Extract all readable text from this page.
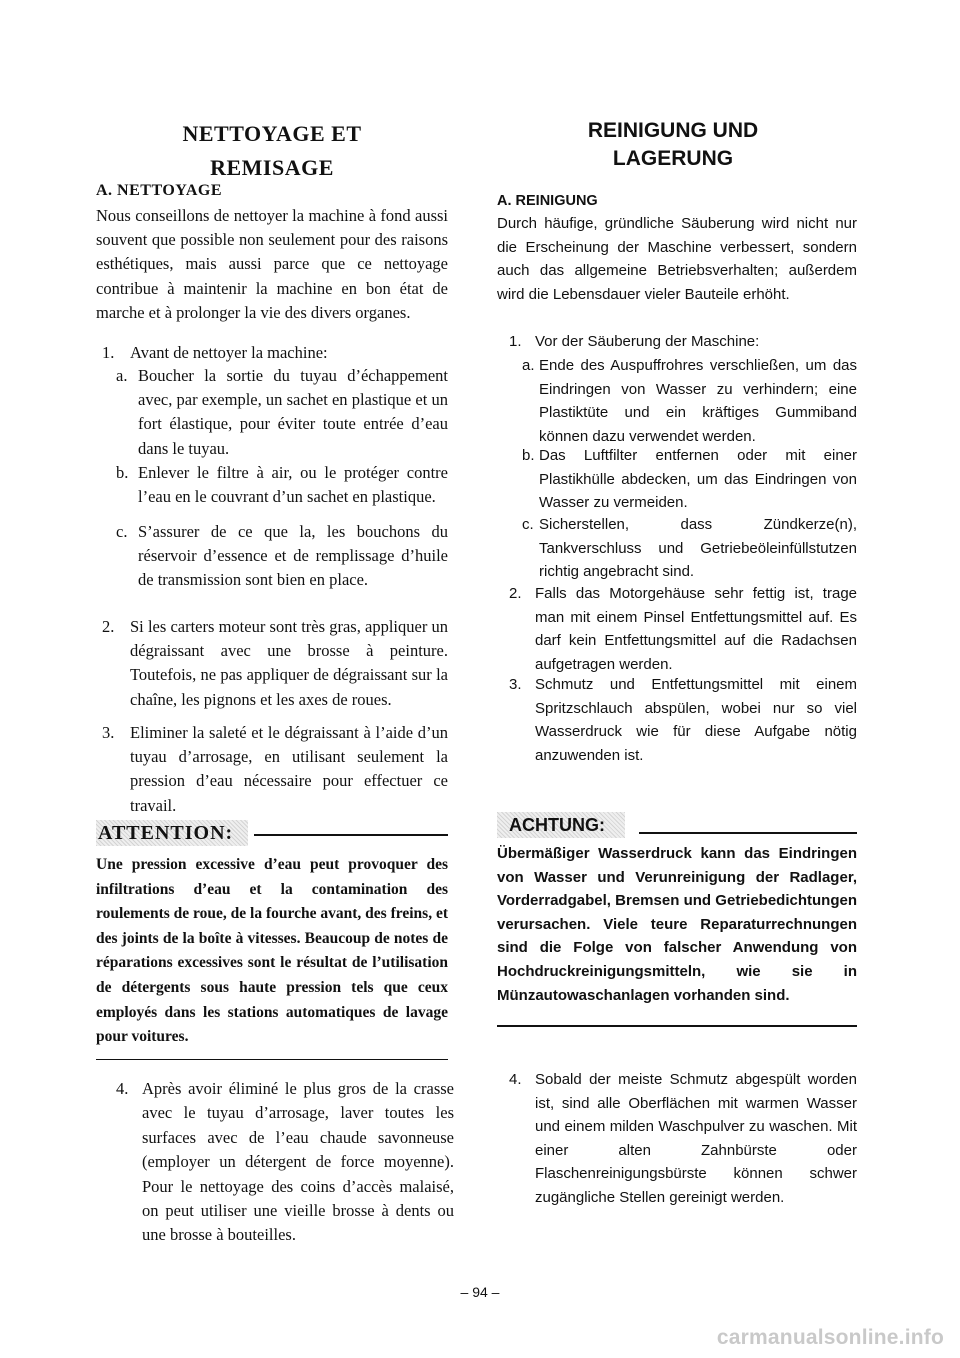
NETTOYAGE ET
REMISAGE
A. NETTOYAGE
Nous conseillons de nettoyer la machine à fond aussi souvent que possible non seulement pour des raisons esthétiques, mais aussi parce que ce nettoyage contribue à maintenir la machine en bon état de marche et à prolonger la vie des divers organes.
1. Avant de nettoyer la machine:
a. Boucher la sortie du tuyau d’échappement avec, par exemple, un sachet en plastique et un fort élastique, pour éviter toute entrée d’eau dans le tuyau.
b. Enlever le filtre à air, ou le protéger contre l’eau en le couvrant d’un sachet en plastique.
c. S’assurer de ce que la, les bouchons du réservoir d’essence et de remplissage d’huile de transmission sont bien en place.
2. Si les carters moteur sont très gras, appliquer un dégraissant avec une brosse à peinture. Toutefois, ne pas appliquer de dégraissant sur la chaîne, les pignons et les axes de roues.
3. Eliminer la saleté et le dégraissant à l’aide d’un tuyau d’arrosage, en utilisant seulement la pression d’eau nécessaire pour effectuer ce travail.
ATTENTION:
Une pression excessive d’eau peut provoquer des infiltrations d’eau et la contamination des roulements de roue, de la fourche avant, des freins, et des joints de la boîte à vitesses. Beaucoup de notes de réparations excessives sont le résultat de l’utilisation de détergents sous haute pression tels que ceux employés dans les stations automatiques de lavage pour voitures.
4. Après avoir éliminé le plus gros de la crasse avec le tuyau d’arrosage, laver toutes les surfaces avec de l’eau chaude savonneuse (employer un détergent de force moyenne). Pour le nettoyage des coins d’accès malaisé, on peut utiliser une vieille brosse à dents ou une brosse à bouteilles.
REINIGUNG UND
LAGERUNG
A. REINIGUNG
Durch häufige, gründliche Säuberung wird nicht nur die Erscheinung der Maschine verbessert, sondern auch das allgemeine Betriebsverhalten; außerdem wird die Lebensdauer vieler Bauteile erhöht.
1. Vor der Säuberung der Maschine:
a. Ende des Auspuffrohres verschließen, um das Eindringen von Wasser zu verhindern; eine Plastiktüte und ein kräftiges Gummiband können dazu verwendet werden.
b. Das Luftfilter entfernen oder mit einer Plastikhülle abdecken, um das Eindringen von Wasser zu vermeiden.
c. Sicherstellen, dass Zündkerze(n), Tankverschluss und Getriebeöleinfüllstutzen richtig angebracht sind.
2. Falls das Motorgehäuse sehr fettig ist, trage man mit einem Pinsel Entfettungsmittel auf. Es darf kein Entfettungsmittel auf die Radachsen aufgetragen werden.
3. Schmutz und Entfettungsmittel mit einem Spritzschlauch abspülen, wobei nur so viel Wasserdruck wie für diese Aufgabe nötig anzuwenden ist.
ACHTUNG:
Übermäßiger Wasserdruck kann das Eindringen von Wasser und Verunreinigung der Radlager, Vorderradgabel, Bremsen und Getriebedichtungen verursachen. Viele teure Reparaturrechnungen sind die Folge von falscher Anwendung von Hochdruckreinigungsmitteln, wie sie in Münzautowaschanlagen vorhanden sind.
4. Sobald der meiste Schmutz abgespült worden ist, sind alle Oberflächen mit warmen Wasser und einem milden Waschpulver zu waschen. Mit einer alten Zahnbürste oder Flaschenreinigungsbürste können schwer zugängliche Stellen gereinigt werden.
– 94 –
carmanualsonline.info
